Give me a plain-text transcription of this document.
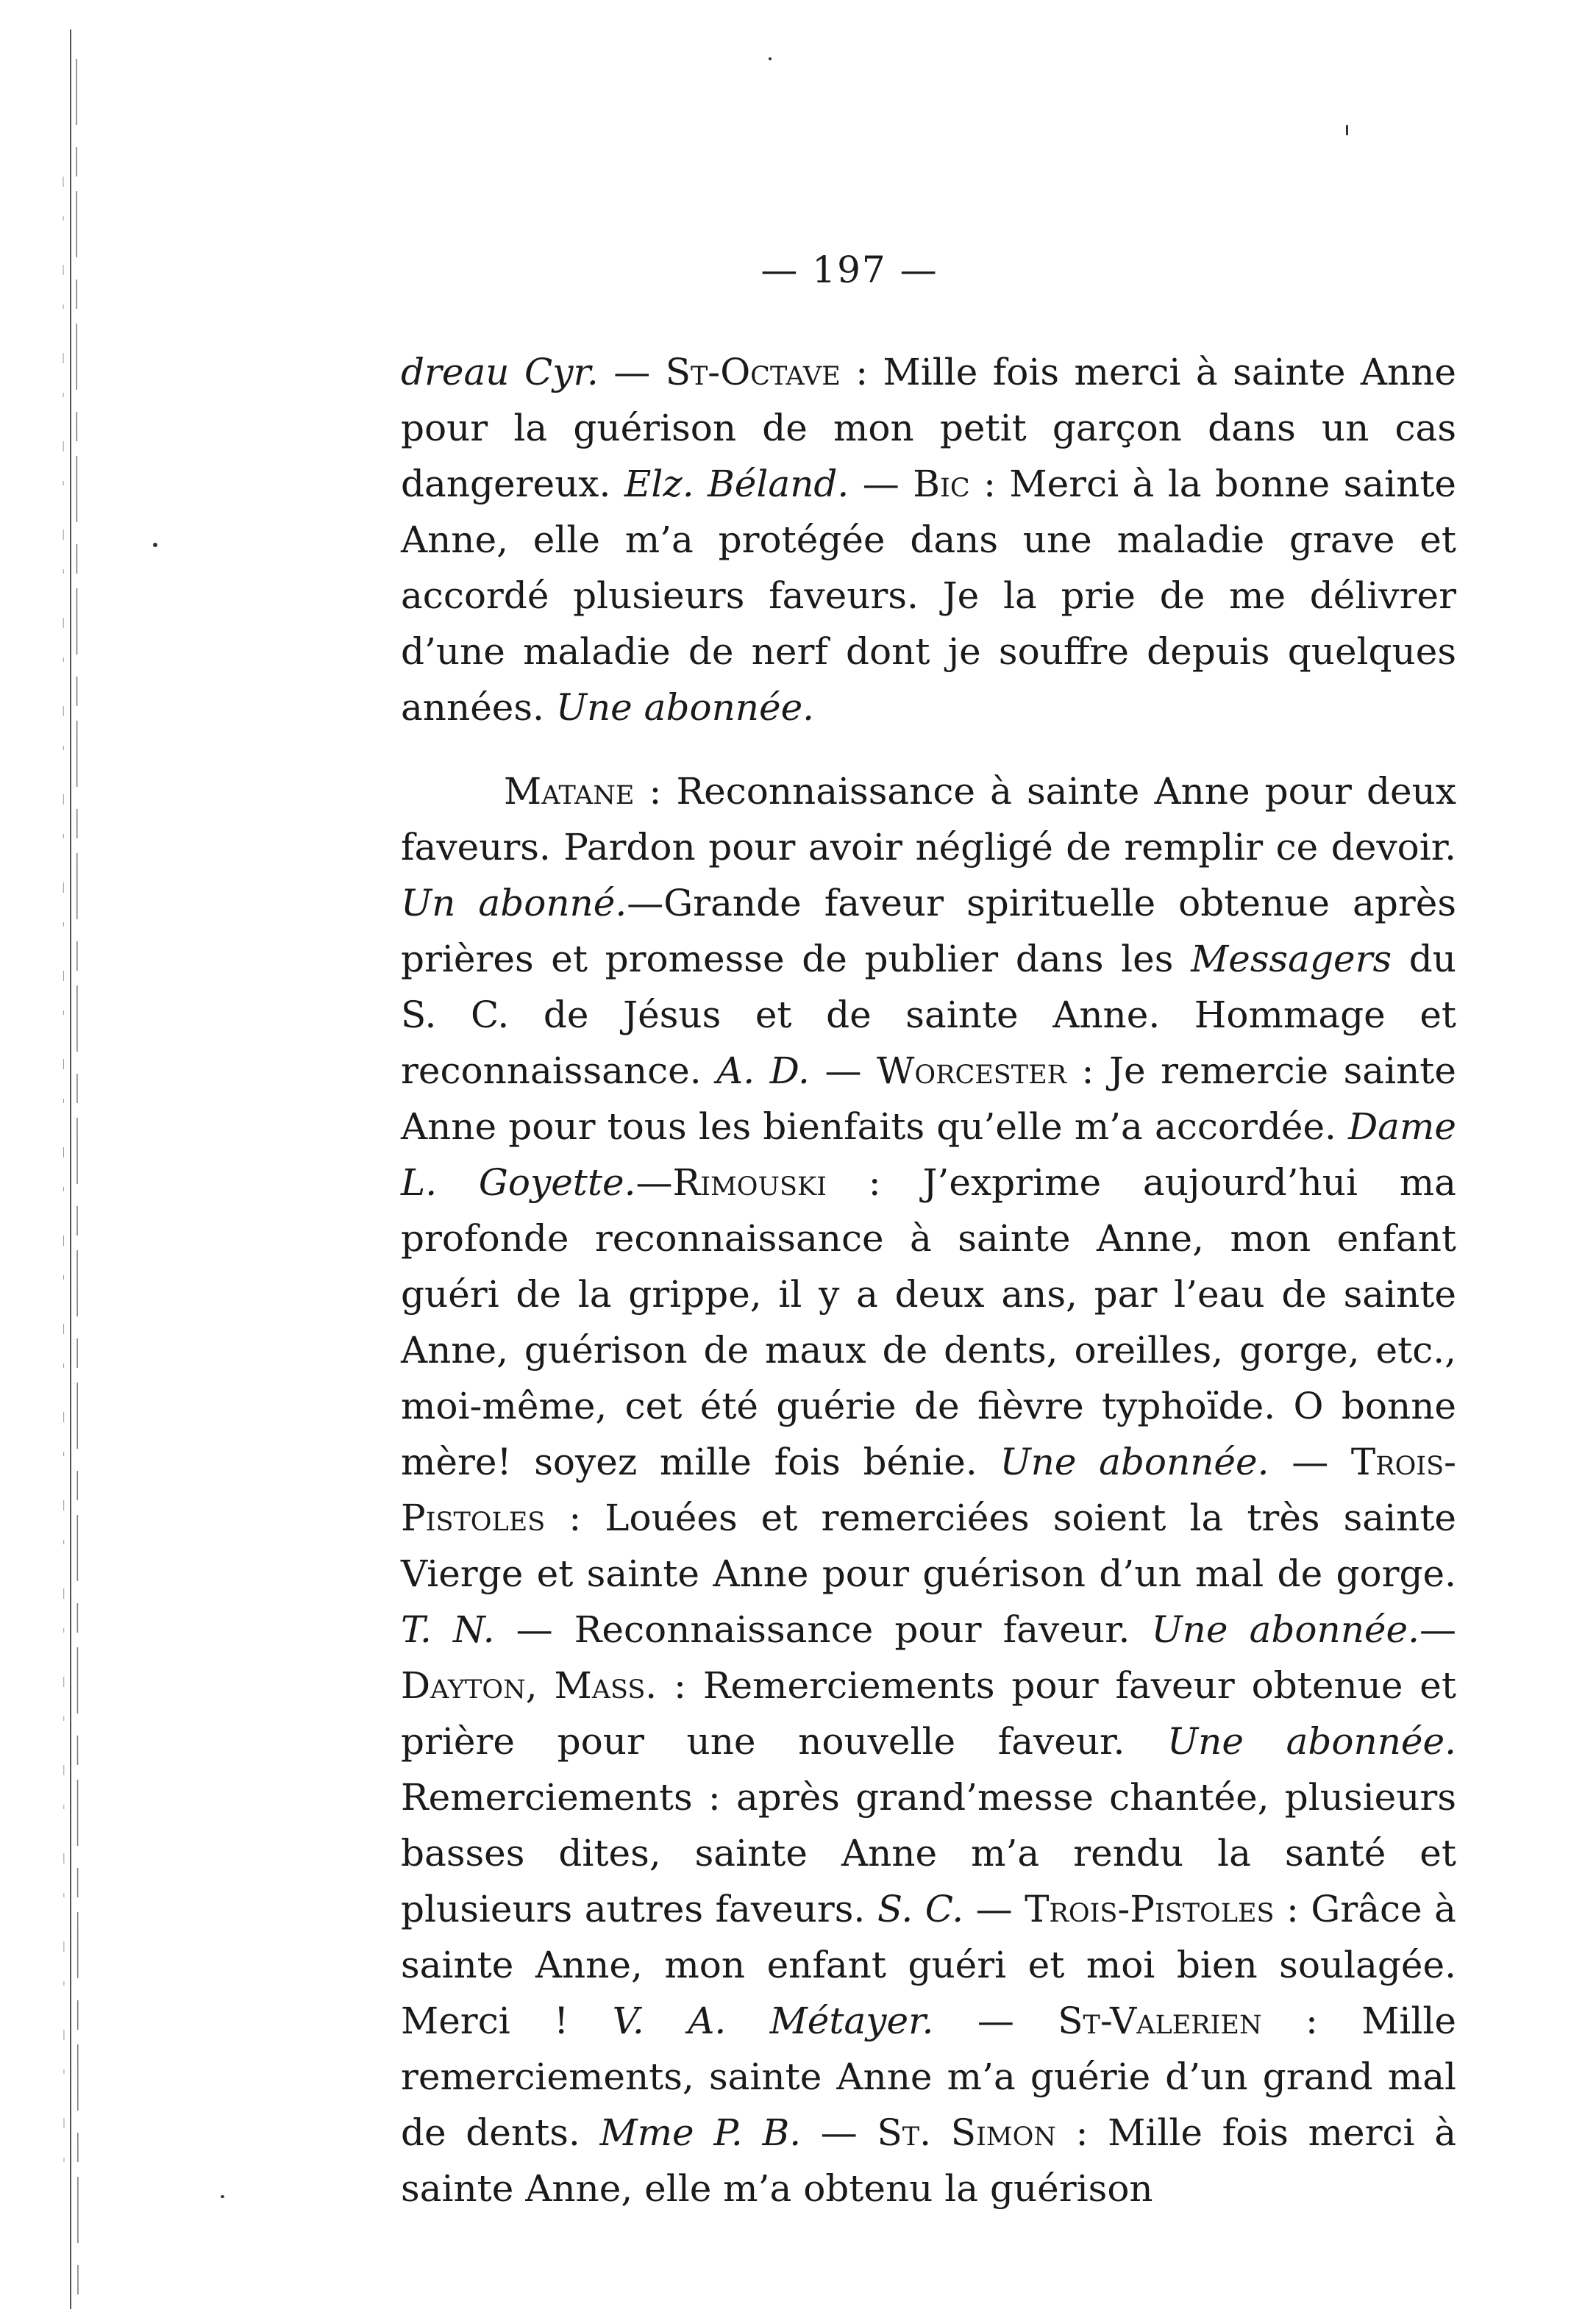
— 197 —

dreau Cyr. — St-Octave : Mille fois merci à sainte Anne pour la guérison de mon petit garçon dans un cas dangereux. Elz. Béland. — Bic : Merci à la bonne sainte Anne, elle m’a protégée dans une maladie grave et accordé plusieurs faveurs. Je la prie de me délivrer d’une maladie de nerf dont je souffre depuis quelques années. Une abonnée.

Matane : Reconnaissance à sainte Anne pour deux faveurs. Pardon pour avoir négligé de remplir ce devoir. Un abonné.—Grande faveur spirituelle obtenue après prières et promesse de publier dans les Messagers du S. C. de Jésus et de sainte Anne. Hommage et reconnaissance. A. D. — Worcester : Je remercie sainte Anne pour tous les bienfaits qu’elle m’a accordée. Dame L. Goyette.—Rimouski : J’exprime aujourd’hui ma profonde reconnaissance à sainte Anne, mon enfant guéri de la grippe, il y a deux ans, par l’eau de sainte Anne, guérison de maux de dents, oreilles, gorge, etc., moi-même, cet été guérie de fièvre typhoïde. O bonne mère! soyez mille fois bénie. Une abonnée. — Trois-Pistoles : Louées et remerciées soient la très sainte Vierge et sainte Anne pour guérison d’un mal de gorge. T. N. — Reconnaissance pour faveur. Une abonnée.—Dayton, Mass. : Remerciements pour faveur obtenue et prière pour une nouvelle faveur. Une abonnée. Remerciements : après grand’messe chantée, plusieurs basses dites, sainte Anne m’a rendu la santé et plusieurs autres faveurs. S. C. — Trois-Pistoles : Grâce à sainte Anne, mon enfant guéri et moi bien soulagée. Merci ! V. A. Métayer. — St-Valerien : Mille remerciements, sainte Anne m’a guérie d’un grand mal de dents. Mme P. B. — St. Simon : Mille fois merci à sainte Anne, elle m’a obtenu la guérison
